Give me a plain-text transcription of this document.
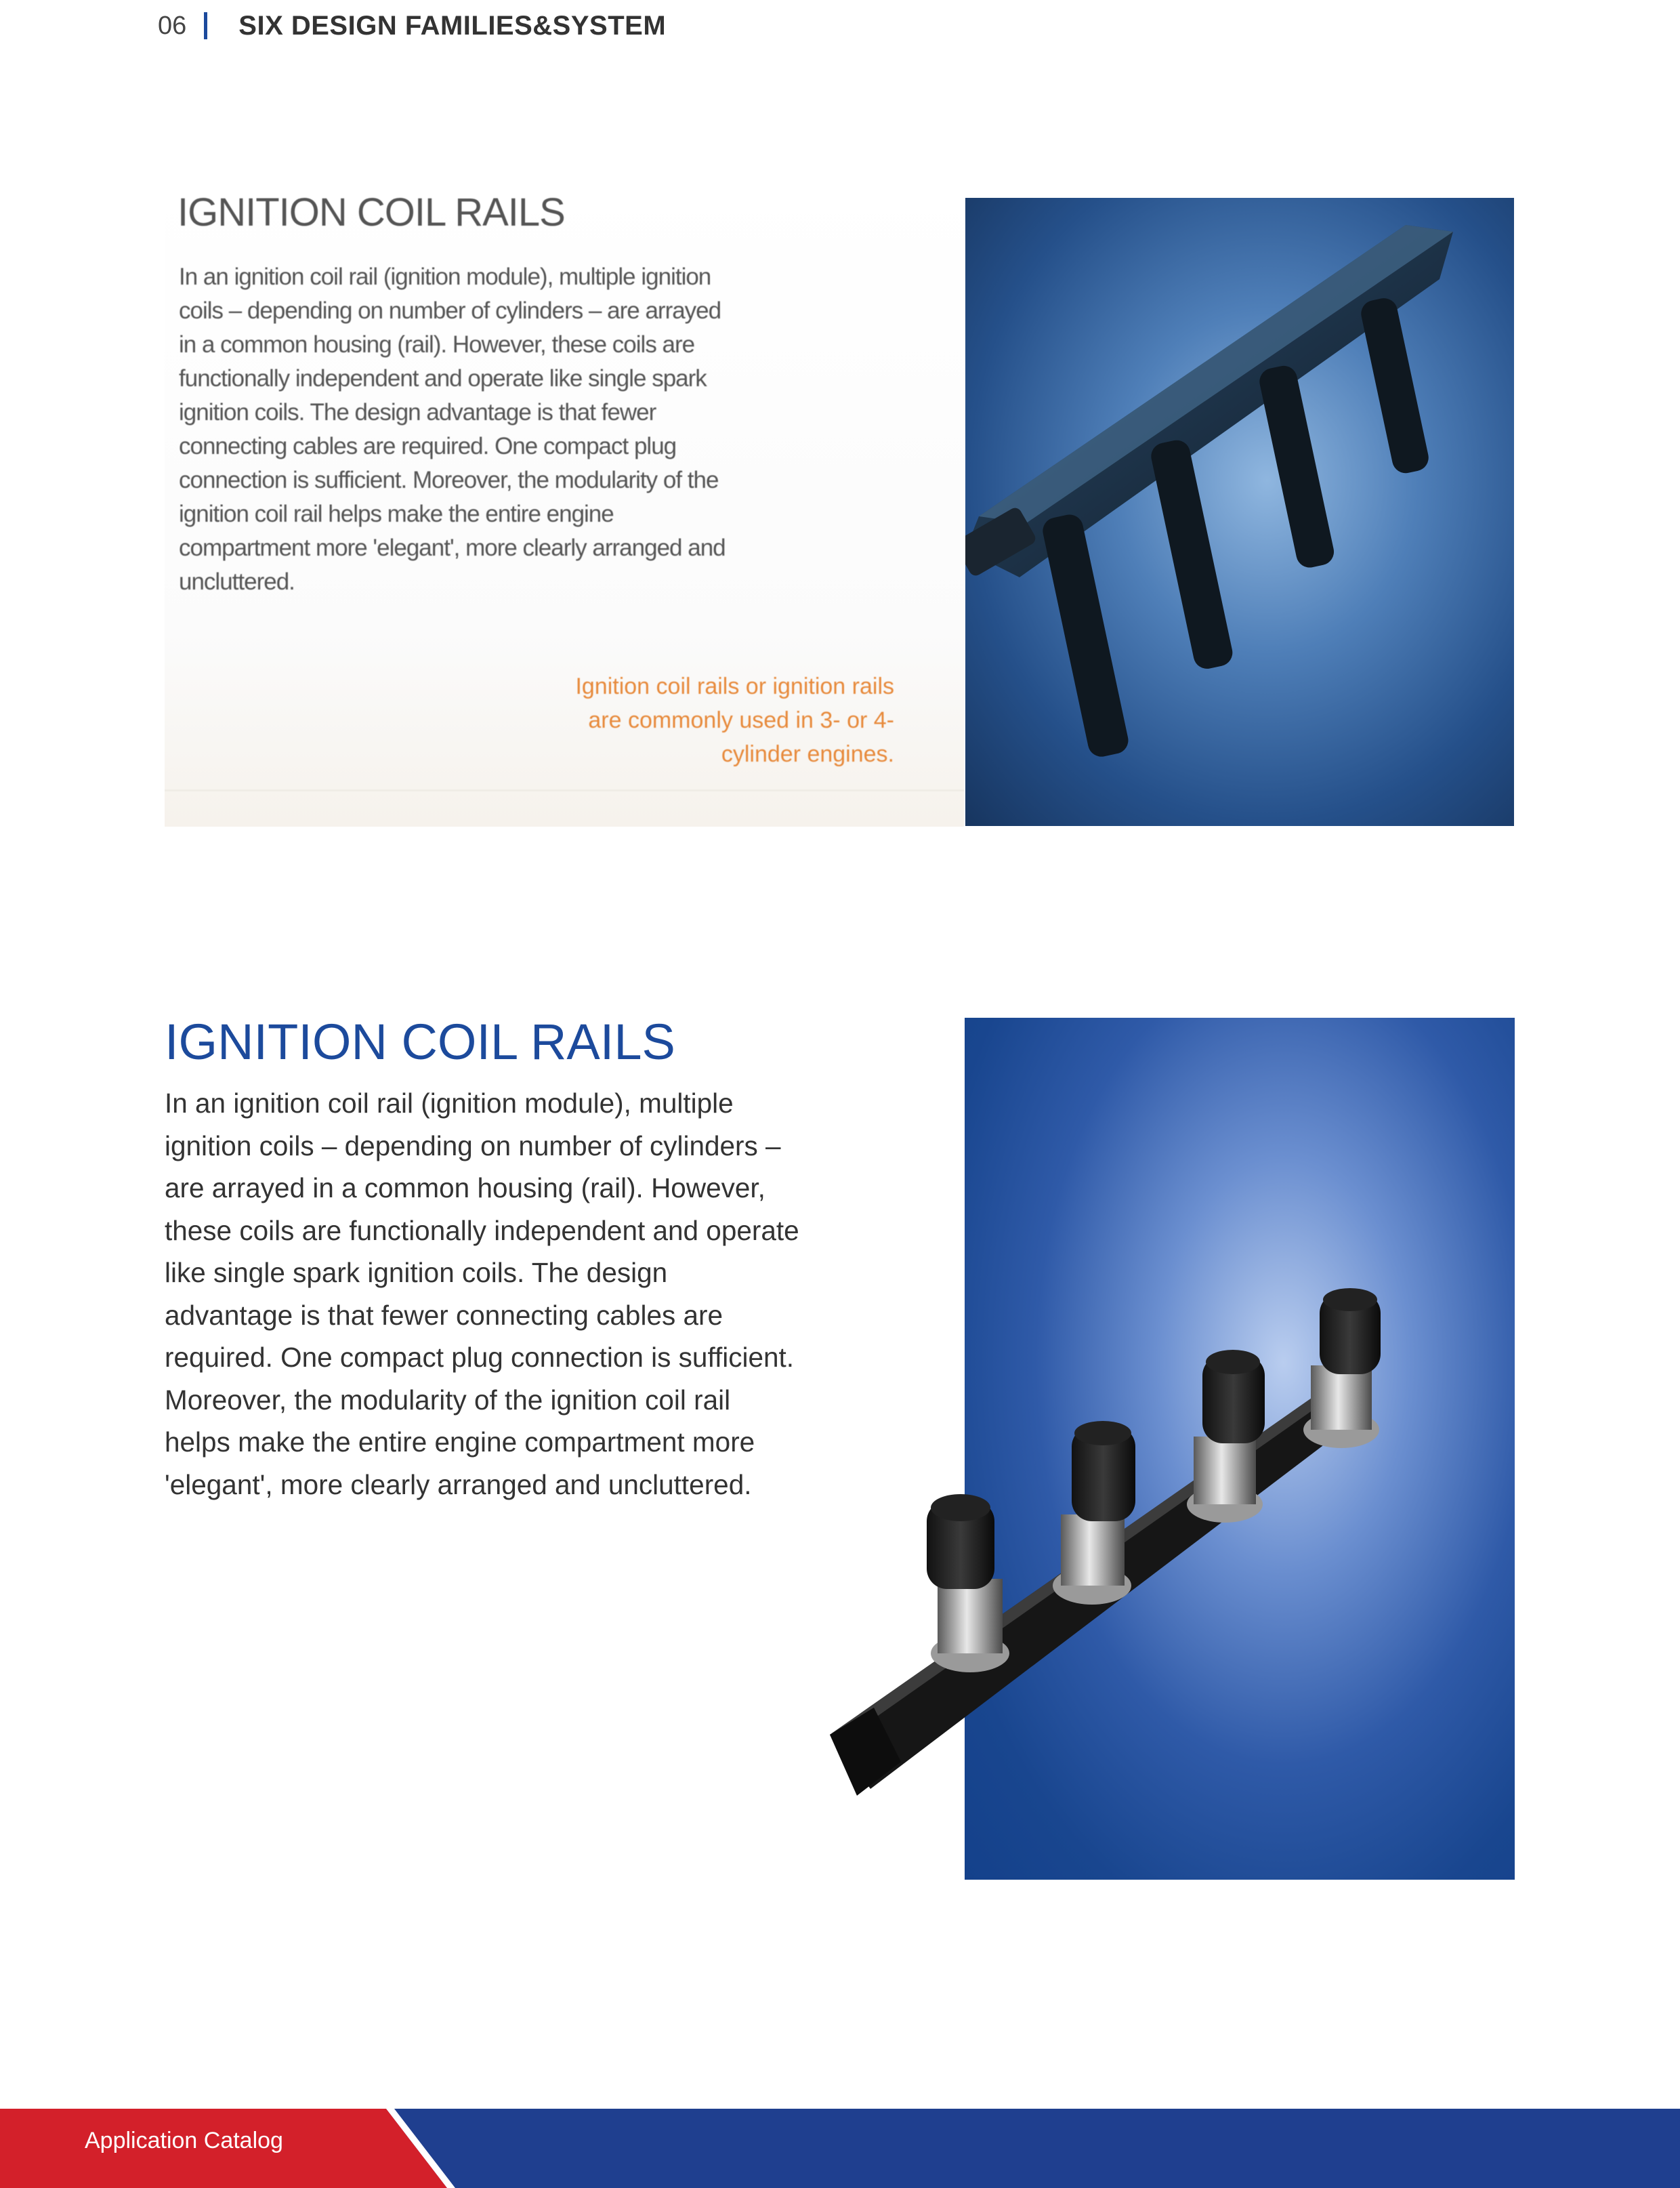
06 SIX DESIGN FAMILIES&SYSTEM
IGNITION COIL RAILS

In an ignition coil rail (ignition module), multiple ignition coils – depending on number of cylinders – are arrayed in a common housing (rail). However, these coils are functionally independent and operate like single spark ignition coils. The design advantage is that fewer connecting cables are required. One compact plug connection is sufficient. Moreover, the modularity of the ignition coil rail helps make the entire engine compartment more 'elegant', more clearly arranged and uncluttered.

Ignition coil rails or ignition rails are commonly used in 3- or 4-cylinder engines.

IGNITION COIL RAILS

In an ignition coil rail (ignition module), multiple ignition coils – depending on number of cylinders – are arrayed in a common housing (rail). However, these coils are functionally independent and operate like single spark ignition coils. The design advantage is that fewer connecting cables are required. One compact plug connection is sufficient. Moreover, the modularity of the ignition coil rail helps make the entire engine compartment more 'elegant', more clearly arranged and uncluttered.

Application Catalog
